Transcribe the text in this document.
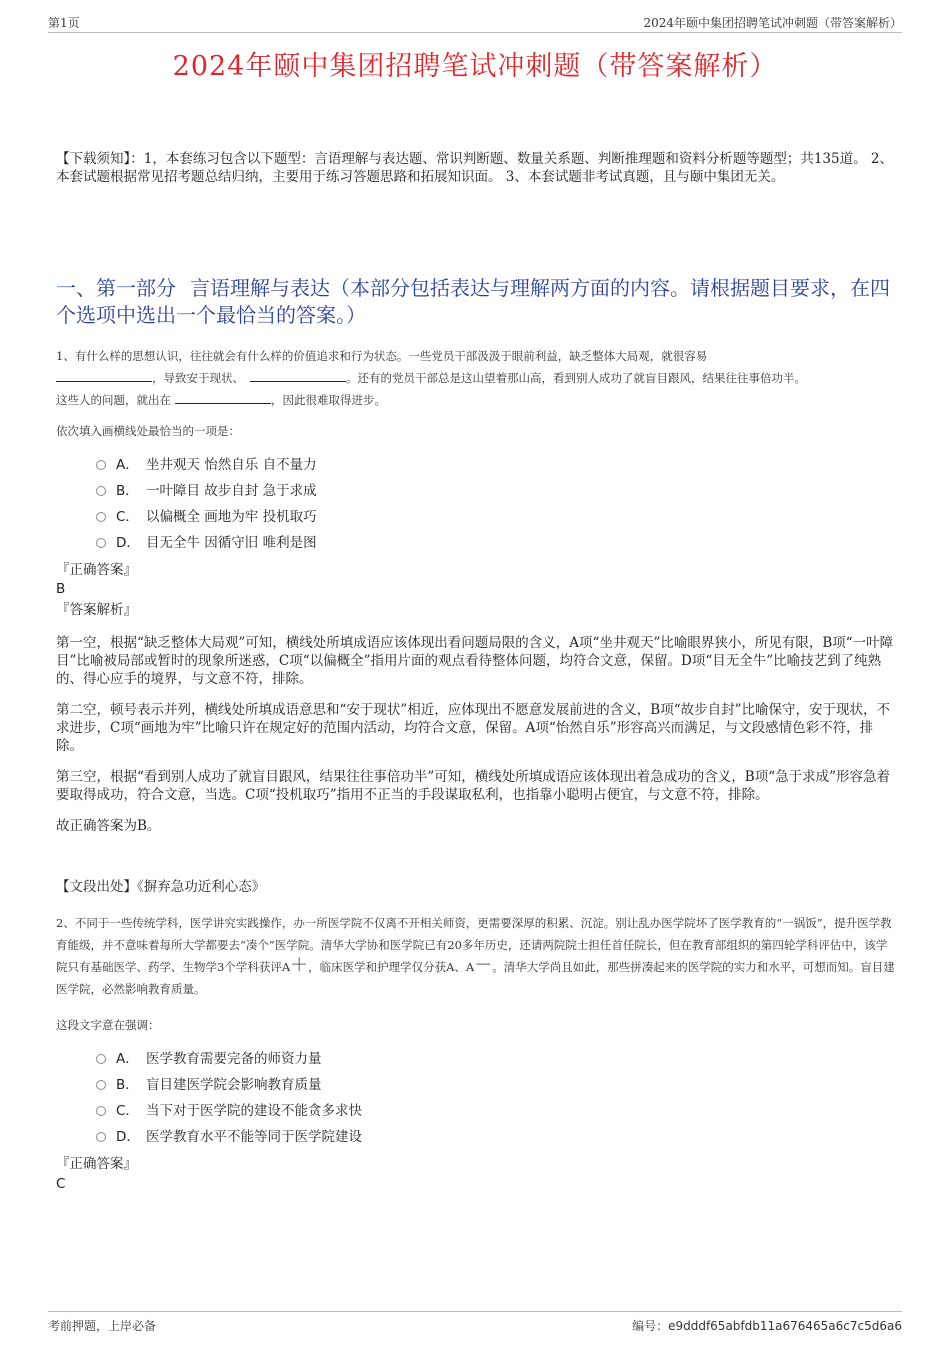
第1页	2024年颐中集团招聘笔试冲刺题（带答案解析）
2024年颐中集团招聘笔试冲刺题（带答案解析）
【下载须知】：1，本套练习包含以下题型：言语理解与表达题、常识判断题、数量关系题、判断推理题和资料分析题等题型；共135道。 2、本套试题根据常见招考题总结归纳，主要用于练习答题思路和拓展知识面。 3、本套试题非考试真题，且与颐中集团无关。
一、第一部分 言语理解与表达（本部分包括表达与理解两方面的内容。请根据题目要求，在四个选项中选出一个最恰当的答案。）
1、有什么样的思想认识，往往就会有什么样的价值追求和行为状态。一些党员干部汲汲于眼前利益，缺乏整体大局观，就很容易
，导致安于现状、	。还有的党员干部总是这山望着那山高，看到别人成功了就盲目跟风，结果往往事倍功半。
这些人的问题，就出在	，因此很难取得进步。
依次填入画横线处最恰当的一项是：
A． 坐井观天 怡然自乐 自不量力
B． 一叶障目 故步自封 急于求成
C． 以偏概全 画地为牢 投机取巧
D． 目无全牛 因循守旧 唯利是图
『正确答案』
B
『答案解析』

第一空，根据“缺乏整体大局观”可知，横线处所填成语应该体现出看问题局限的含义，A项“坐井观天”比喻眼界狭小，所见有限，B项“一叶障目”比喻被局部或暂时的现象所迷惑，C项“以偏概全”指用片面的观点看待整体问题，均符合文意，保留。D项“目无全牛”比喻技艺到了纯熟的、得心应手的境界，与文意不符，排除。

第二空，顿号表示并列，横线处所填成语意思和“安于现状”相近，应体现出不愿意发展前进的含义，B项“故步自封”比喻保守，安于现状，不求进步，C项“画地为牢”比喻只许在规定好的范围内活动，均符合文意，保留。A项“怡然自乐”形容高兴而满足，与文段感情色彩不符，排除。

第三空，根据“看到别人成功了就盲目跟风，结果往往事倍功半”可知，横线处所填成语应该体现出着急成功的含义，B项“急于求成”形容急着要取得成功，符合文意，当选。C项“投机取巧”指用不正当的手段谋取私利，也指靠小聪明占便宜，与文意不符，排除。

故正确答案为B。

【文段出处】《摒弃急功近利心态》
2、不同于一些传统学科，医学讲究实践操作，办一所医学院不仅离不开相关师资，更需要深厚的积累、沉淀。别让乱办医学院坏了医学教育的“一锅饭”，提升医学教育能级，并不意味着每所大学都要去“凑个”医学院。清华大学协和医学院已有20多年历史，还请两院院士担任首任院长，但在教育部组织的第四轮学科评估中，该学院只有基础医学、药学、生物学3个学科获评A＋，临床医学和护理学仅分获A、A－。清华大学尚且如此，那些拼凑起来的医学院的实力和水平，可想而知。盲目建医学院，必然影响教育质量。
这段文字意在强调：
A． 医学教育需要完备的师资力量
B． 盲目建医学院会影响教育质量
C． 当下对于医学院的建设不能贪多求快
D． 医学教育水平不能等同于医学院建设
『正确答案』
C
考前押题，上岸必备	编号：e9dddf65abfdb11a676465a6c7c5d6a6
